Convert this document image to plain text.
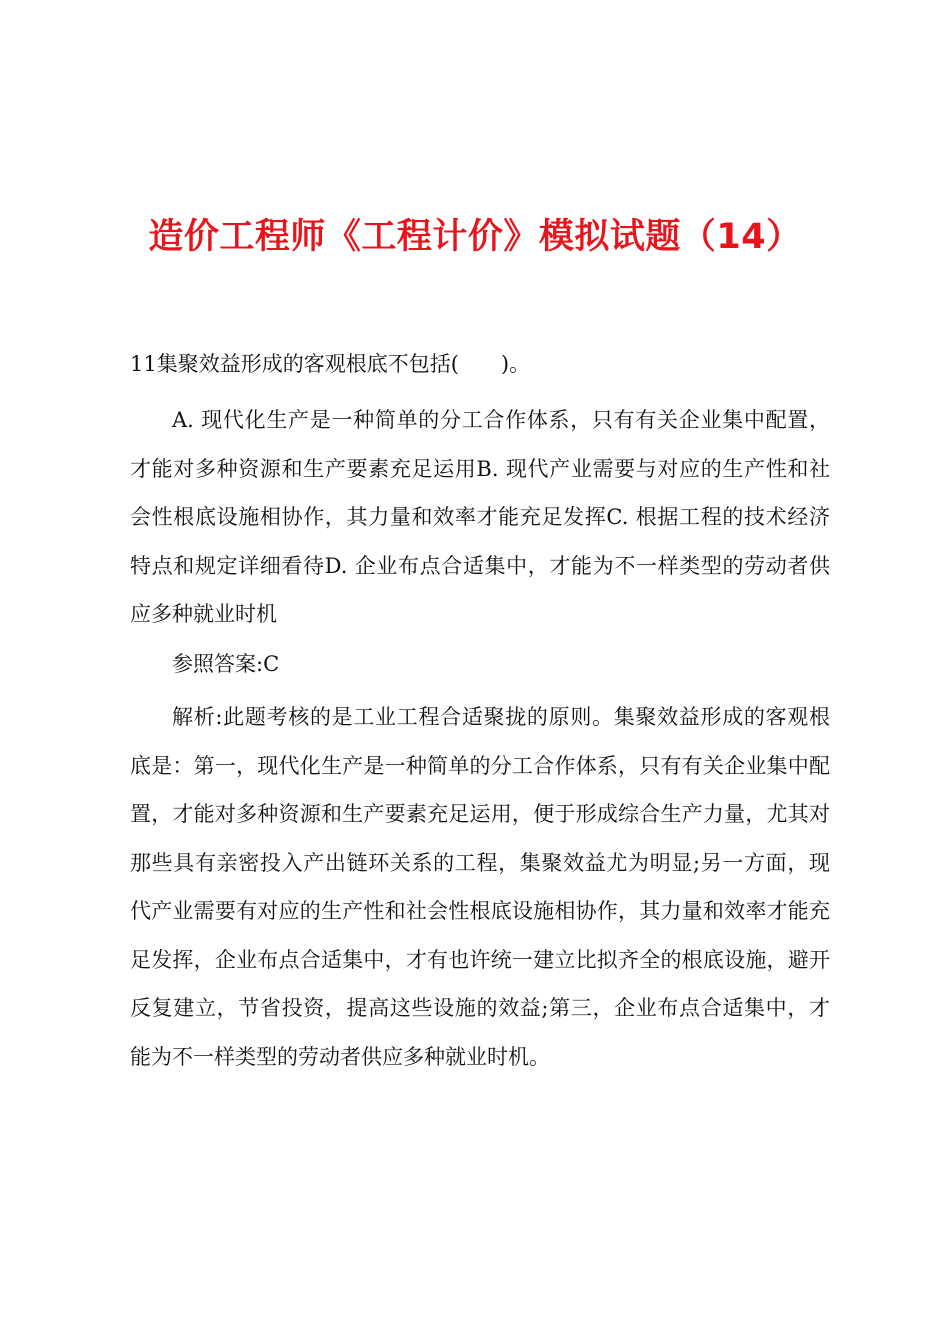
造价工程师《工程计价》模拟试题（14）
11集聚效益形成的客观根底不包括(　　)。
A. 现代化生产是一种简单的分工合作体系，只有有关企业集中配置，才能对多种资源和生产要素充足运用B. 现代产业需要与对应的生产性和社会性根底设施相协作，其力量和效率才能充足发挥C. 根据工程的技术经济特点和规定详细看待D. 企业布点合适集中，才能为不一样类型的劳动者供应多种就业时机
参照答案:C
解析:此题考核的是工业工程合适聚拢的原则。集聚效益形成的客观根底是：第一，现代化生产是一种简单的分工合作体系，只有有关企业集中配置，才能对多种资源和生产要素充足运用，便于形成综合生产力量，尤其对那些具有亲密投入产出链环关系的工程，集聚效益尤为明显;另一方面，现代产业需要有对应的生产性和社会性根底设施相协作，其力量和效率才能充足发挥，企业布点合适集中，才有也许统一建立比拟齐全的根底设施，避开反复建立，节省投资，提高这些设施的效益;第三，企业布点合适集中，才能为不一样类型的劳动者供应多种就业时机。
